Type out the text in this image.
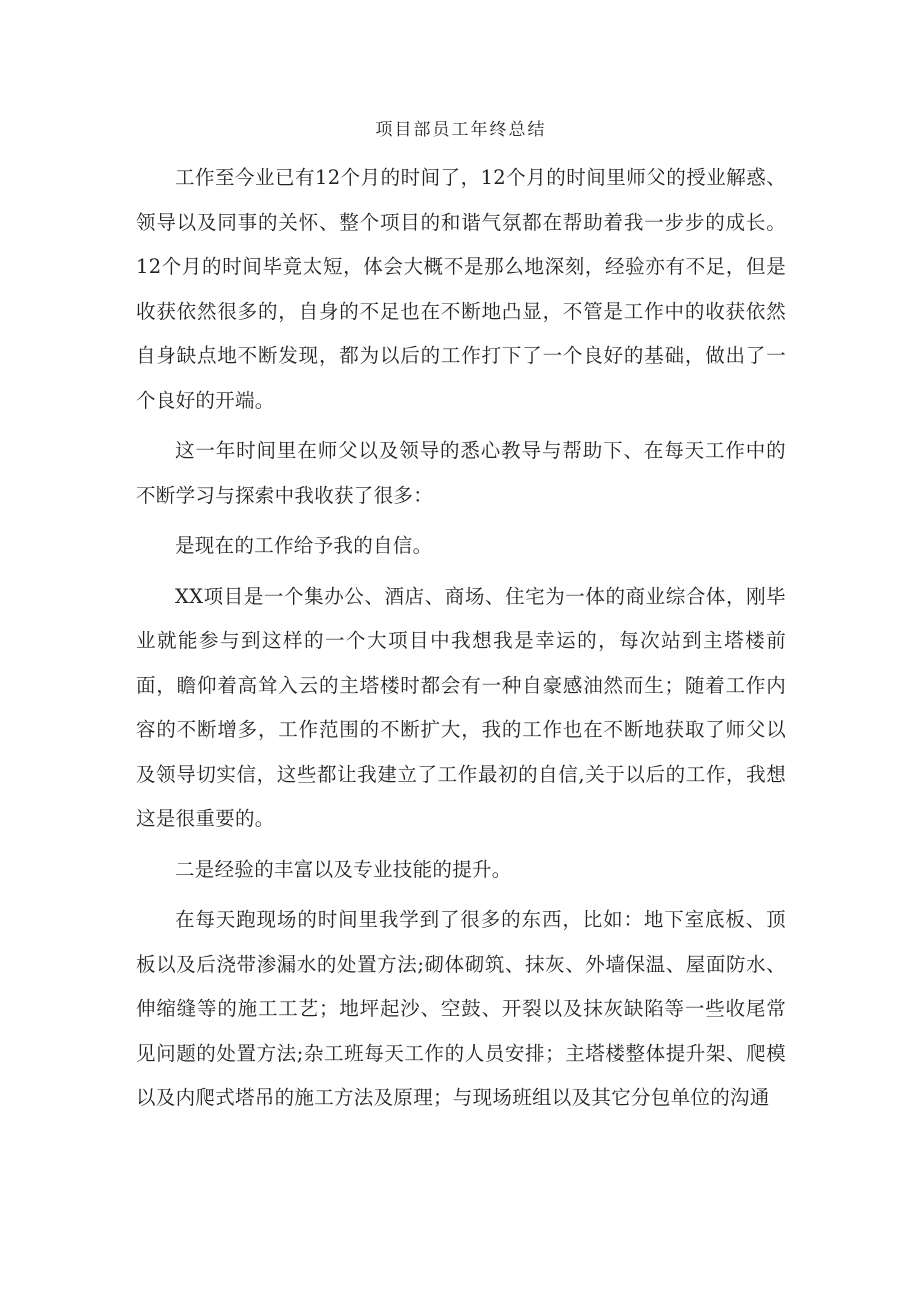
项目部员工年终总结

工作至今业已有12个月的时间了，12个月的时间里师父的授业解惑、领导以及同事的关怀、整个项目的和谐气氛都在帮助着我一步步的成长。12个月的时间毕竟太短，体会大概不是那么地深刻，经验亦有不足，但是收获依然很多的，自身的不足也在不断地凸显，不管是工作中的收获依然自身缺点地不断发现，都为以后的工作打下了一个良好的基础，做出了一个良好的开端。

这一年时间里在师父以及领导的悉心教导与帮助下、在每天工作中的不断学习与探索中我收获了很多：

是现在的工作给予我的自信。

XX项目是一个集办公、酒店、商场、住宅为一体的商业综合体，刚毕业就能参与到这样的一个大项目中我想我是幸运的，每次站到主塔楼前面，瞻仰着高耸入云的主塔楼时都会有一种自豪感油然而生；随着工作内容的不断增多，工作范围的不断扩大，我的工作也在不断地获取了师父以及领导切实信，这些都让我建立了工作最初的自信,关于以后的工作，我想这是很重要的。

二是经验的丰富以及专业技能的提升。

在每天跑现场的时间里我学到了很多的东西，比如：地下室底板、顶板以及后浇带渗漏水的处置方法;砌体砌筑、抹灰、外墙保温、屋面防水、伸缩缝等的施工工艺；地坪起沙、空鼓、开裂以及抹灰缺陷等一些收尾常见问题的处置方法;杂工班每天工作的人员安排；主塔楼整体提升架、爬模以及内爬式塔吊的施工方法及原理；与现场班组以及其它分包单位的沟通
